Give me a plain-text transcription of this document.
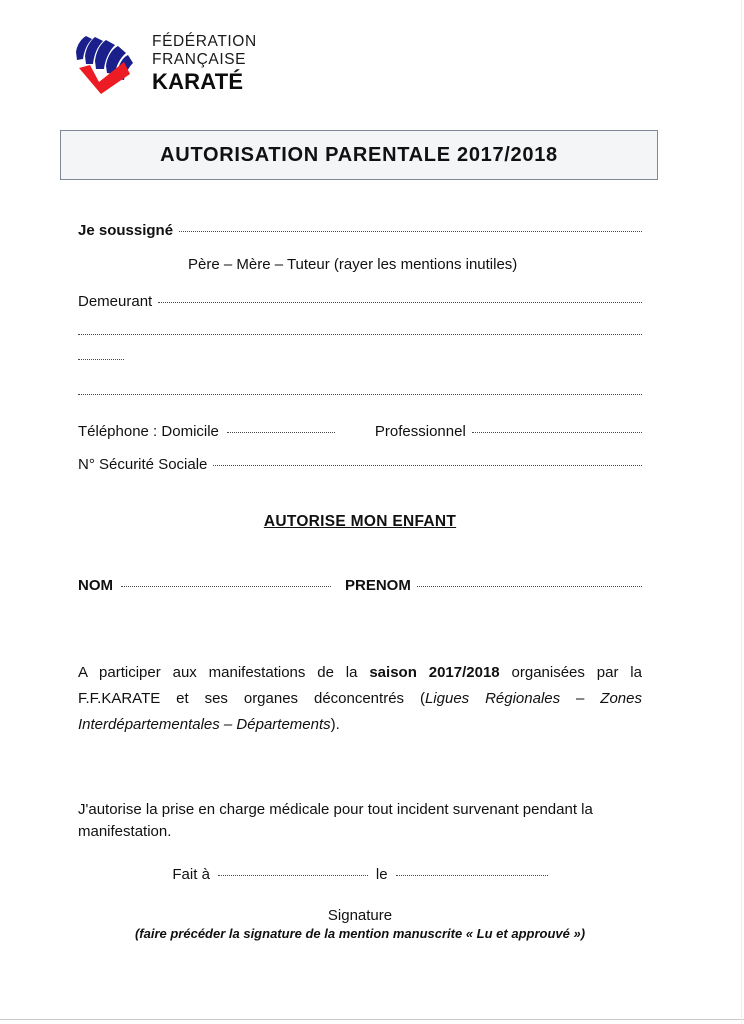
FÉDÉRATION
FRANÇAISE
KARATÉ
AUTORISATION PARENTALE 2017/2018
Je soussigné
Père – Mère – Tuteur (rayer les mentions inutiles)
Demeurant
Téléphone : Domicile	Professionnel
N° Sécurité Sociale
AUTORISE MON ENFANT
NOM	PRENOM

A participer aux manifestations de la saison 2017/2018 organisées par la F.F.KARATE et ses organes déconcentrés (Ligues Régionales – Zones Interdépartementales – Départements).

J'autorise la prise en charge médicale pour tout incident survenant pendant la manifestation.

Fait à	le
Signature
(faire précéder la signature de la mention manuscrite « Lu et approuvé »)
